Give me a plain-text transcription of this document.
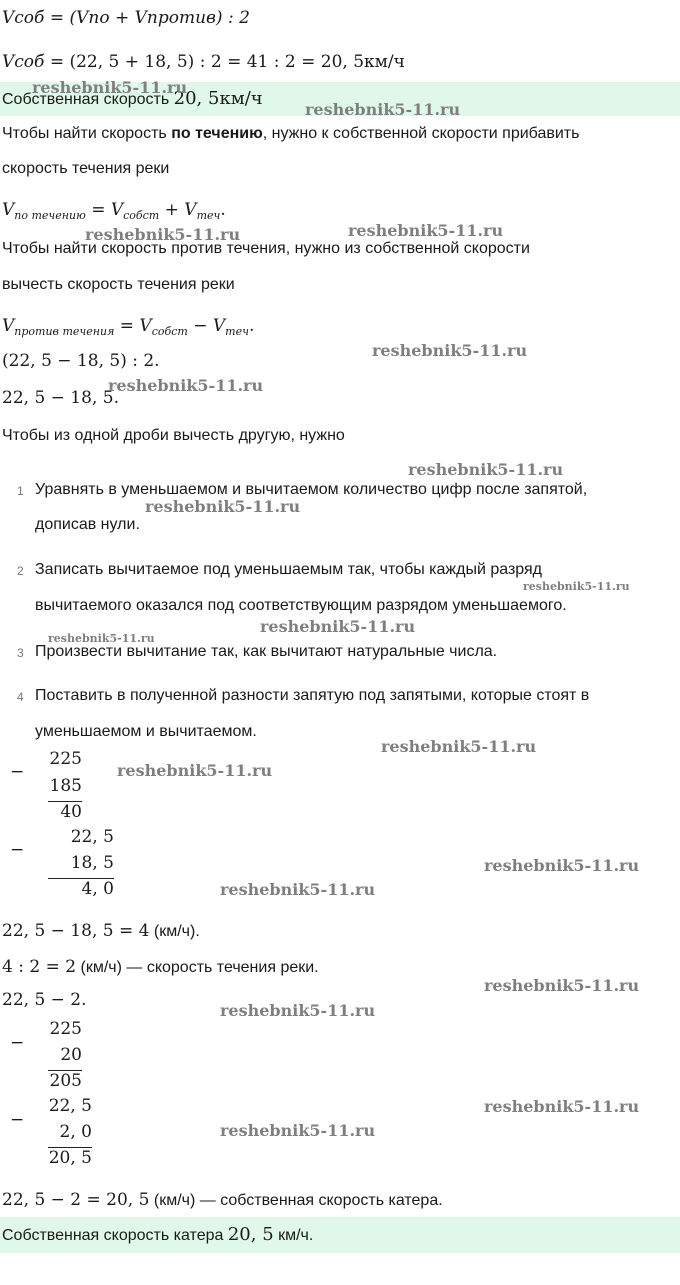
Vсоб = (Vпо + Vпротив) : 2
Vсоб = (22, 5 + 18, 5) : 2 = 41 : 2 = 20, 5км/ч
Собственная скорость 20, 5км/ч
Чтобы найти скорость по течению, нужно к собственной скорости прибавить
скорость течения реки
$V_{по течению} = V_{собст} + V_{теч}$.
Чтобы найти скорость против течения, нужно из собственной скорости
вычесть скорость течения реки
$V_{против течения} = V_{собст} - V_{теч}$.
(22, 5 − 18, 5) : 2.
22, 5 − 18, 5.
Чтобы из одной дроби вычесть другую, нужно
1 Уравнять в уменьшаемом и вычитаемом количество цифр после запятой,
дописав нули.
2 Записать вычитаемое под уменьшаемым так, чтобы каждый разряд
вычитаемого оказался под соответствующим разрядом уменьшаемого.
3 Произвести вычитание так, как вычитают натуральные числа.
4 Поставить в полученной разности запятую под запятыми, которые стоят в
уменьшаемом и вычитаемом.
−
225
185
40
−
22, 5
18, 5
4, 0
22, 5 − 18, 5 = 4 (км/ч).
4 : 2 = 2 (км/ч) — скорость течения реки.
22, 5 − 2.
−
225
20
205
−
22, 5
2, 0
20, 5
22, 5 − 2 = 20, 5 (км/ч) — собственная скорость катера.
Собственная скорость катера 20, 5 км/ч.
reshebnik5-11.ru
reshebnik5-11.ru
reshebnik5-11.ru	reshebnik5-11.ru
reshebnik5-11.ru
reshebnik5-11.ru
reshebnik5-11.ru
reshebnik5-11.ru
reshebnik5-11.ru
reshebnik5-11.ru
reshebnik5-11.ru
reshebnik5-11.ru
reshebnik5-11.ru
reshebnik5-11.ru
reshebnik5-11.ru
reshebnik5-11.ru
reshebnik5-11.ru
reshebnik5-11.ru
reshebnik5-11.ru
